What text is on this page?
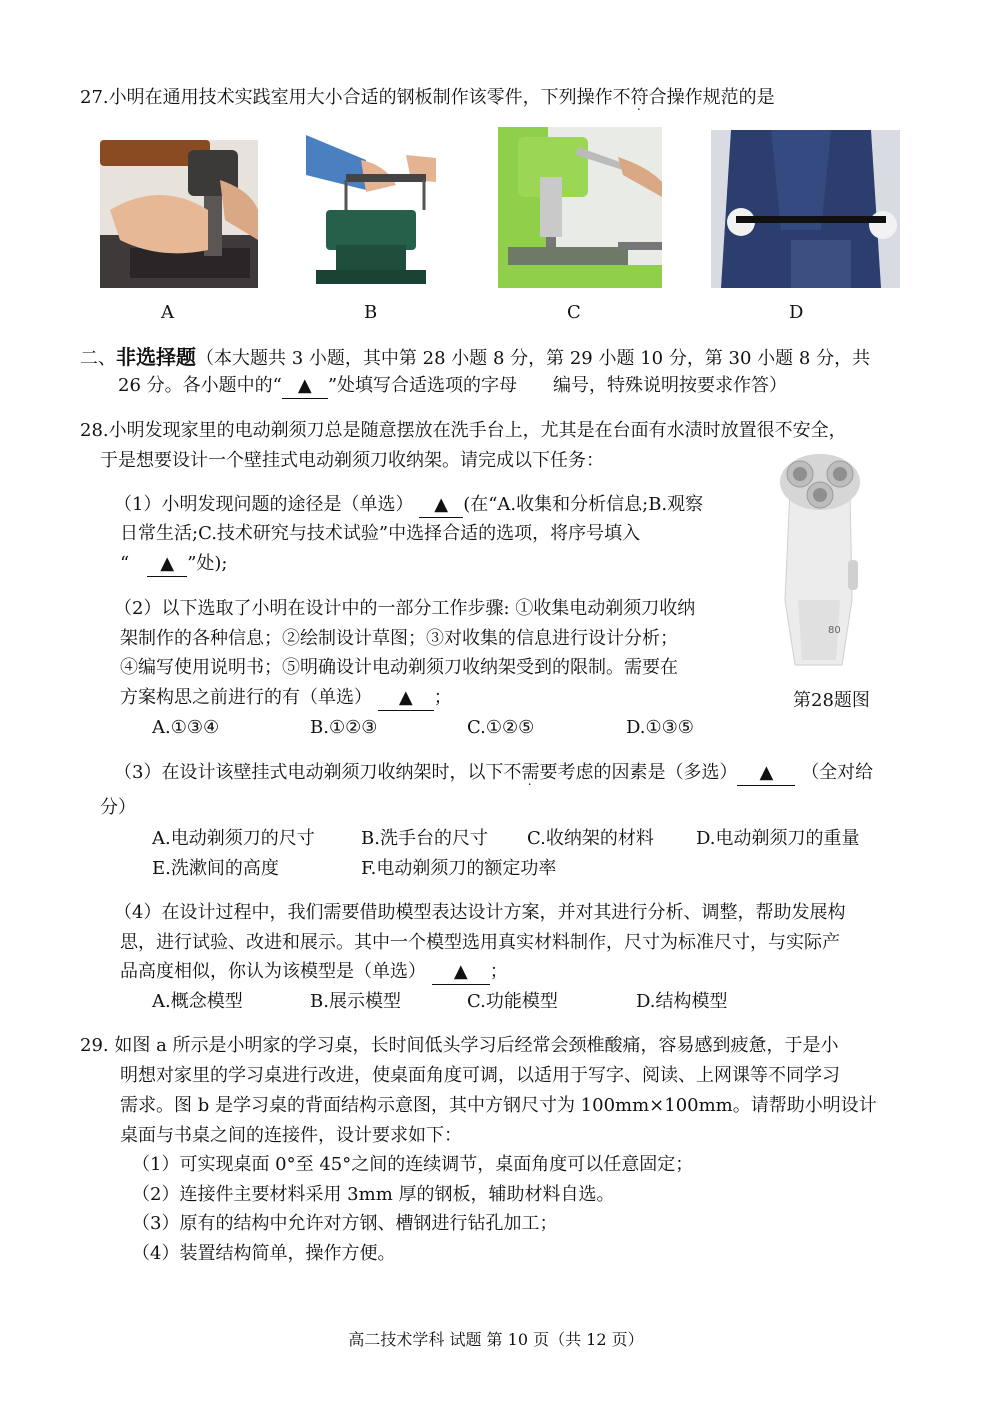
27.小明在通用技术实践室用大小合适的钢板制作该零件，下列操作不符合操作规范的是
A	B	C	D
二、非选择题（本大题共 3 小题，其中第 28 小题 8 分，第 29 小题 10 分，第 30 小题 8 分，共
26 分。各小题中的“ ▲ ”处填写合适选项的字母　　编号，特殊说明按要求作答）
28.小明发现家里的电动剃须刀总是随意摆放在洗手台上，尤其是在台面有水渍时放置很不安全，
于是想要设计一个壁挂式电动剃须刀收纳架。请完成以下任务：
（1）小明发现问题的途径是（单选） ▲ (在“A.收集和分析信息;B.观察
日常生活;C.技术研究与技术试验”中选择合适的选项，将序号填入
“　 ▲ ”处);
（2）以下选取了小明在设计中的一部分工作步骤: ①收集电动剃须刀收纳
架制作的各种信息；②绘制设计草图；③对收集的信息进行设计分析；
④编写使用说明书；⑤明确设计电动剃须刀收纳架受到的限制。需要在
方案构思之前进行的有（单选） ▲ ；
A.①③④	B.①②③	C.①②⑤	D.①③⑤
80
第28题图
（3）在设计该壁挂式电动剃须刀收纳架时，以下不需要考虑的因素是（多选） ▲ （全对给
分）
A.电动剃须刀的尺寸	B.洗手台的尺寸 C.收纳架的材料 D.电动剃须刀的重量
E.洗漱间的高度	F.电动剃须刀的额定功率
（4）在设计过程中，我们需要借助模型表达设计方案，并对其进行分析、调整，帮助发展构
思，进行试验、改进和展示。其中一个模型选用真实材料制作，尺寸为标准尺寸，与实际产
品高度相似，你认为该模型是（单选） ▲ ；
A.概念模型	B.展示模型	C.功能模型	D.结构模型
29. 如图 a 所示是小明家的学习桌，长时间低头学习后经常会颈椎酸痛，容易感到疲惫，于是小
明想对家里的学习桌进行改进，使桌面角度可调，以适用于写字、阅读、上网课等不同学习
需求。图 b 是学习桌的背面结构示意图，其中方钢尺寸为 100mm×100mm。请帮助小明设计
桌面与书桌之间的连接件，设计要求如下：
（1）可实现桌面 0°至 45°之间的连续调节，桌面角度可以任意固定；
（2）连接件主要材料采用 3mm 厚的钢板，辅助材料自选。
（3）原有的结构中允许对方钢、槽钢进行钻孔加工；
（4）装置结构简单，操作方便。
高二技术学科 试题 第 10 页（共 12 页）
